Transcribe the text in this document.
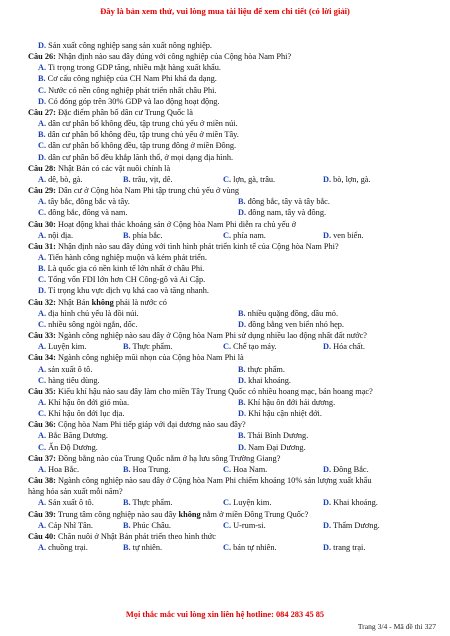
Đây là bản xem thử, vui lòng mua tài liệu để xem chi tiết (có lời giải)
D. Sản xuất công nghiệp sang sản xuất nông nghiệp.
Câu 26: Nhận định nào sau đây đúng với công nghiệp của Cộng hòa Nam Phi?
A. Ti trọng trong GDP tăng, nhiều mặt hàng xuất khẩu.
B. Cơ cấu công nghiệp của CH Nam Phi khá đa dạng.
C. Nước có nền công nghiệp phát triển nhất châu Phi.
D. Có đóng góp trên 30% GDP và lao động hoạt động.
Câu 27: Đặc điểm phân bố dân cư Trung Quốc là
A. dân cư phân bố không đều, tập trung chủ yếu ở miền núi.
B. dân cư phân bố không đều, tập trung chủ yếu ở miền Tây.
C. dân cư phân bố không đều, tập trung đông ở miền Đông.
D. dân cư phân bố đều khắp lãnh thổ, ở mọi dạng địa hình.
Câu 28: Nhật Bản có các vật nuôi chính là
A. dê, bò, gà.	B. trâu, vịt, dê.	C. lợn, gà, trâu.	D. bò, lợn, gà.
Câu 29: Dân cư ở Cộng hòa Nam Phi tập trung chủ yếu ở vùng
A. tây bắc, đông bắc và tây.	B. đông bắc, tây và tây bắc.
C. đông bắc, đông và nam.	D. đông nam, tây và đông.
Câu 30: Hoạt động khai thác khoáng sản ở Cộng hòa Nam Phi diễn ra chủ yếu ở
A. nội địa.	B. phía bắc.	C. phía nam.	D. ven biển.
Câu 31: Nhận định nào sau đây đúng với tình hình phát triển kinh tế của Cộng hòa Nam Phi?
A. Tiến hành công nghiệp muộn và kém phát triển.
B. Là quốc gia có nền kinh tế lớn nhất ở châu Phi.
C. Tổng vốn FDI lớn hơn CH Công-gô và Ai Cập.
D. Tỉ trọng khu vực dịch vụ khá cao và tăng nhanh.
Câu 32: Nhật Bản không phải là nước có
A. địa hình chủ yếu là đồi núi.	B. nhiều quặng đồng, dầu mỏ.
C. nhiều sông ngòi ngắn, dốc.	D. đồng bằng ven biển nhỏ hẹp.
Câu 33: Ngành công nghiệp nào sau đây ở Cộng hòa Nam Phi sử dụng nhiều lao động nhất đất nước?
A. Luyện kim.	B. Thực phẩm.	C. Chế tạo máy.	D. Hóa chất.
Câu 34: Ngành công nghiệp mũi nhọn của Cộng hòa Nam Phi là
A. sản xuất ô tô.	B. thực phẩm.
C. hàng tiêu dùng.	D. khai khoáng.
Câu 35: Kiểu khí hậu nào sau đây làm cho miền Tây Trung Quốc có nhiều hoang mạc, bán hoang mạc?
A. Khí hậu ôn đới gió mùa.	B. Khí hậu ôn đới hải dương.
C. Khí hậu ôn đới lục địa.	D. Khí hậu cận nhiệt đới.
Câu 36: Cộng hòa Nam Phi tiếp giáp với đại dương nào sau đây?
A. Bắc Băng Dương.	B. Thái Bình Dương.
C. Ấn Độ Dương.	D. Nam Đại Dương.
Câu 37: Đồng bằng nào của Trung Quốc nằm ở hạ lưu sông Trường Giang?
A. Hoa Bắc.	B. Hoa Trung.	C. Hoa Nam.	D. Đông Bắc.
Câu 38: Ngành công nghiệp nào sau đây ở Cộng hòa Nam Phi chiếm khoảng 10% sản lượng xuất khẩu
hàng hóa sản xuất mỗi năm?
A. Sản xuất ô tô.	B. Thực phẩm.	C. Luyện kim.	D. Khai khoáng.
Câu 39: Trung tâm công nghiệp nào sau đây không nằm ở miền Đông Trung Quốc?
A. Cáp Nhĩ Tân.	B. Phúc Châu.	C. U-rum-si.	D. Thẩm Dương.
Câu 40: Chăn nuôi ở Nhật Bản phát triển theo hình thức
A. chuồng trại.	B. tự nhiên.	C. bán tự nhiên.	D. trang trại.
Mọi thắc mắc vui lòng xin liên hệ hotline: 084 283 45 85
Trang 3/4 - Mã đề thi 327
